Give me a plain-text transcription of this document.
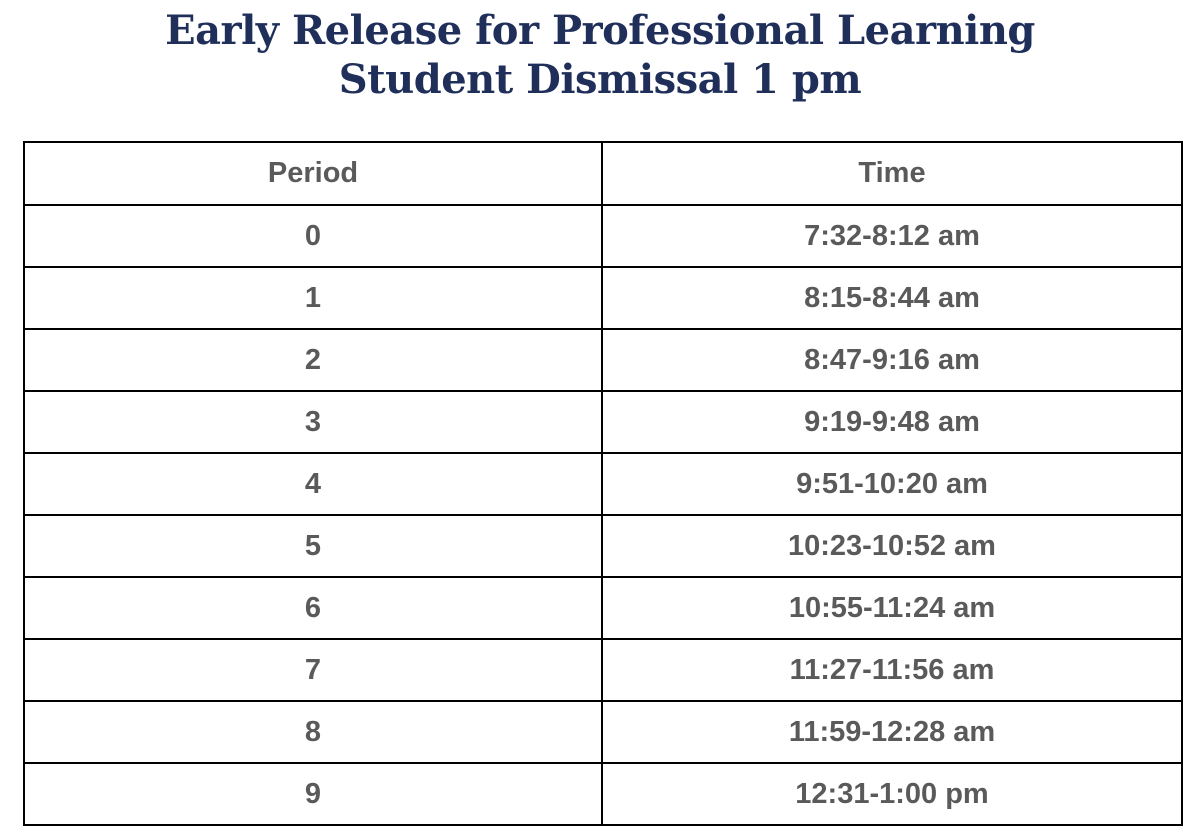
Early Release for Professional Learning
Student Dismissal 1 pm
Period	Time
0	7:32-8:12 am
1	8:15-8:44 am
2	8:47-9:16 am
3	9:19-9:48 am
4	9:51-10:20 am
5	10:23-10:52 am
6	10:55-11:24 am
7	11:27-11:56 am
8	11:59-12:28 am
9	12:31-1:00 pm
